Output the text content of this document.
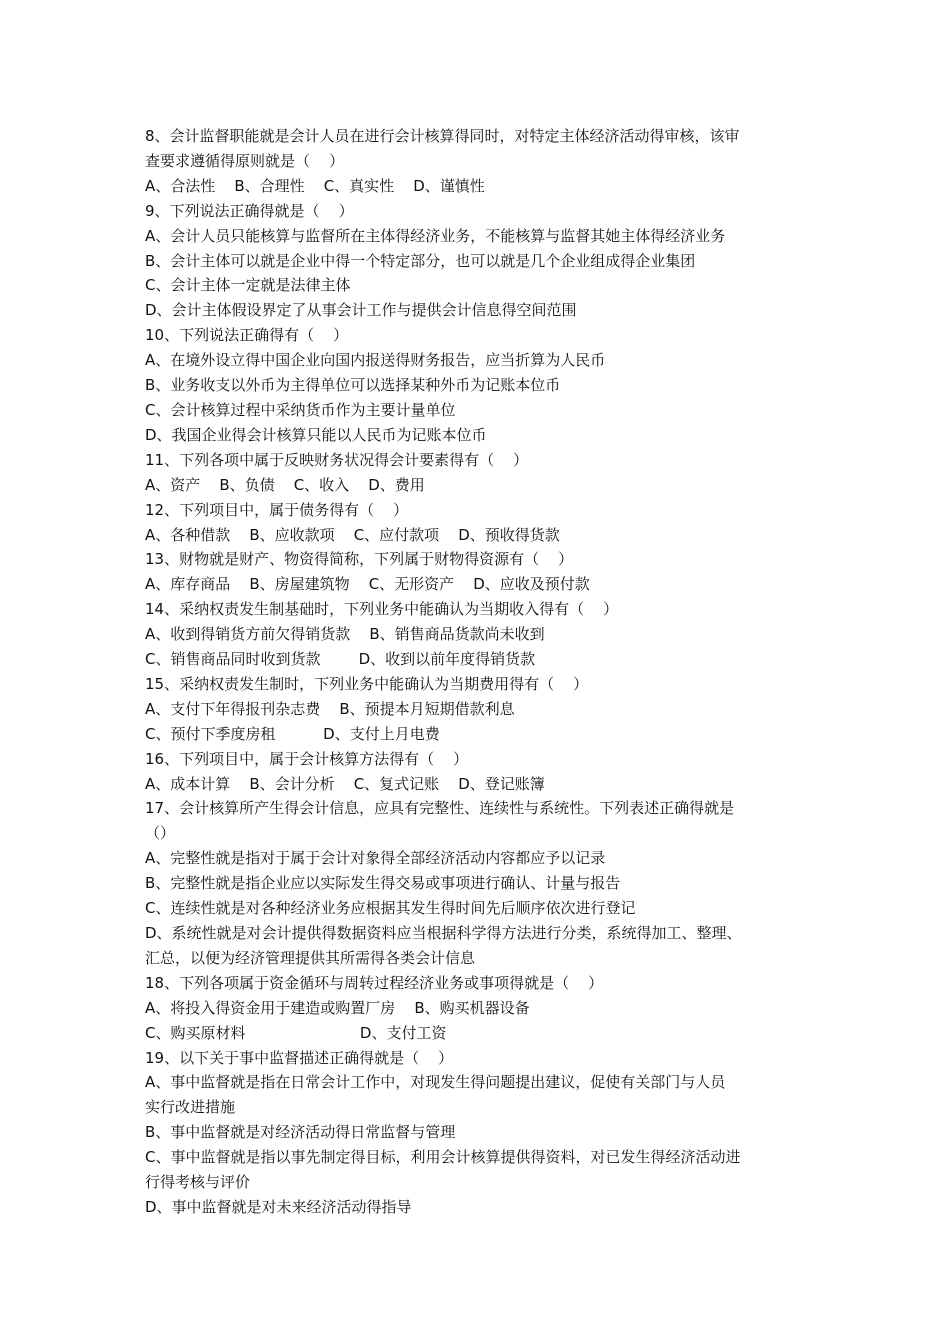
8、会计监督职能就是会计人员在进行会计核算得同时，对特定主体经济活动得审核，该审

查要求遵循得原则就是（    ）

A、合法性    B、合理性    C、真实性    D、谨慎性

9、下列说法正确得就是（    ）

A、会计人员只能核算与监督所在主体得经济业务，不能核算与监督其她主体得经济业务

B、会计主体可以就是企业中得一个特定部分，也可以就是几个企业组成得企业集团

C、会计主体一定就是法律主体

D、会计主体假设界定了从事会计工作与提供会计信息得空间范围

10、下列说法正确得有（    ）

A、在境外设立得中国企业向国内报送得财务报告，应当折算为人民币

B、业务收支以外币为主得单位可以选择某种外币为记账本位币

C、会计核算过程中采纳货币作为主要计量单位

D、我国企业得会计核算只能以人民币为记账本位币

11、下列各项中属于反映财务状况得会计要素得有（    ）

A、资产    B、负债    C、收入    D、费用

12、下列项目中，属于债务得有（    ）

A、各种借款    B、应收款项    C、应付款项    D、预收得货款

13、财物就是财产、物资得简称，下列属于财物得资源有（    ）

A、库存商品    B、房屋建筑物    C、无形资产    D、应收及预付款

14、采纳权责发生制基础时，下列业务中能确认为当期收入得有（    ）

A、收到得销货方前欠得销货款    B、销售商品货款尚未收到

C、销售商品同时收到货款        D、收到以前年度得销货款

15、采纳权责发生制时，下列业务中能确认为当期费用得有（    ）

A、支付下年得报刊杂志费    B、预提本月短期借款利息

C、预付下季度房租          D、支付上月电费

16、下列项目中，属于会计核算方法得有（    ）

A、成本计算    B、会计分析    C、复式记账    D、登记账簿

17、会计核算所产生得会计信息，应具有完整性、连续性与系统性。下列表述正确得就是

（）

A、完整性就是指对于属于会计对象得全部经济活动内容都应予以记录

B、完整性就是指企业应以实际发生得交易或事项进行确认、计量与报告

C、连续性就是对各种经济业务应根据其发生得时间先后顺序依次进行登记

D、系统性就是对会计提供得数据资料应当根据科学得方法进行分类，系统得加工、整理、

汇总，以便为经济管理提供其所需得各类会计信息

18、下列各项属于资金循环与周转过程经济业务或事项得就是（    ）

A、将投入得资金用于建造或购置厂房    B、购买机器设备

C、购买原材料                        D、支付工资

19、以下关于事中监督描述正确得就是（    ）

A、事中监督就是指在日常会计工作中，对现发生得问题提出建议，促使有关部门与人员

实行改进措施

B、事中监督就是对经济活动得日常监督与管理

C、事中监督就是指以事先制定得目标，利用会计核算提供得资料，对已发生得经济活动进

行得考核与评价

D、事中监督就是对未来经济活动得指导
